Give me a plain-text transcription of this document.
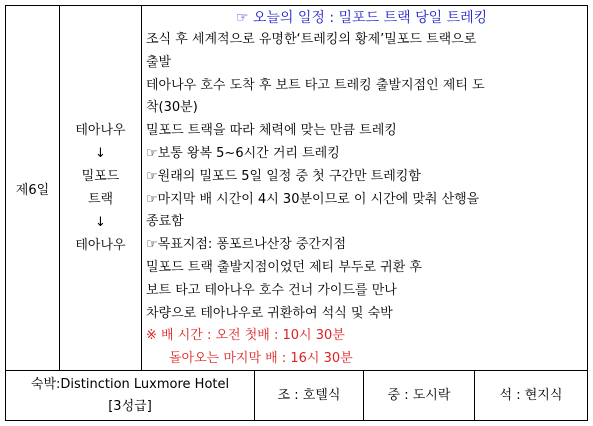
제6일
테아나우
↓
밀포드
트랙
↓
테아나우
☞ 오늘의 일정 : 밀포드 트랙 당일 트레킹
조식 후 세계적으로 유명한‘트레킹의 황제’밀포드 트랙으로
출발
테아나우 호수 도착 후 보트 타고 트레킹 출발지점인 제티 도
착(30분)
밀포드 트랙을 따라 체력에 맞는 만큼 트레킹
☞보통 왕복 5~6시간 거리 트레킹
☞원래의 밀포드 5일 일정 중 첫 구간만 트레킹함
☞마지막 배 시간이 4시 30분이므로 이 시간에 맞춰 산행을
종료함
☞목표지점: 퐁포르나산장 중간지점
밀포드 트랙 출발지점이었던 제티 부두로 귀환 후
보트 타고 테아나우 호수 건너 가이드를 만나
차량으로 테아나우로 귀환하여 석식 및 숙박
※ 배 시간 : 오전 첫배 : 10시 30분
돌아오는 마지막 배 : 16시 30분
숙박:Distinction Luxmore Hotel
[3성급]
조 : 호텔식	중 : 도시락	석 : 현지식
